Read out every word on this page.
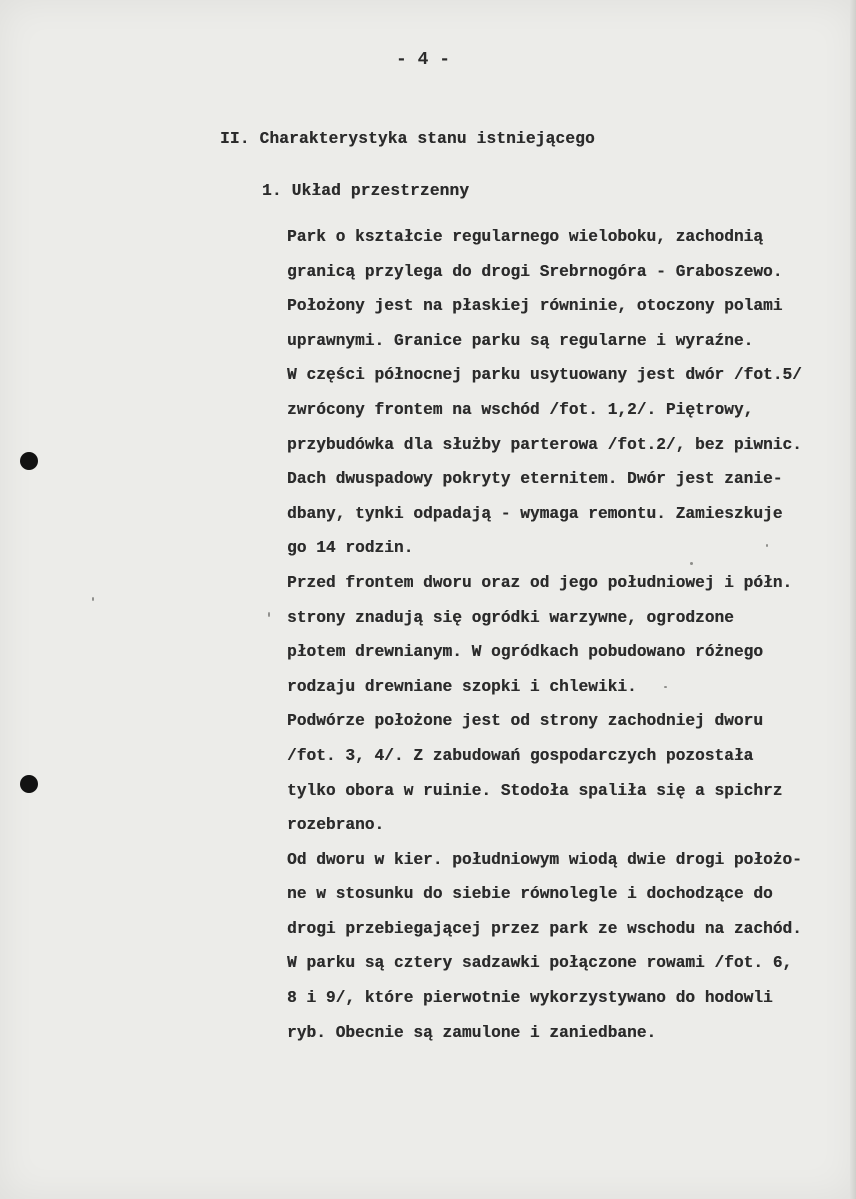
- 4 -
II. Charakterystyka stanu istniejącego
1. Układ przestrzenny
Park o kształcie regularnego wieloboku, zachodnią
granicą przylega do drogi Srebrnogóra - Graboszewo.
Położony jest na płaskiej równinie, otoczony polami
uprawnymi. Granice parku są regularne i wyraźne.
W części północnej parku usytuowany jest dwór /fot.5/
zwrócony frontem na wschód /fot. 1,2/. Piętrowy,
przybudówka dla służby parterowa /fot.2/, bez piwnic.
Dach dwuspadowy pokryty eternitem. Dwór jest zanie-
dbany, tynki odpadają - wymaga remontu. Zamieszkuje
go 14 rodzin.
Przed frontem dworu oraz od jego południowej i półn.
strony znadują się ogródki warzywne, ogrodzone
płotem drewnianym. W ogródkach pobudowano różnego
rodzaju drewniane szopki i chlewiki.
Podwórze położone jest od strony zachodniej dworu
/fot. 3, 4/. Z zabudowań gospodarczych pozostała
tylko obora w ruinie. Stodoła spaliła się a spichrz
rozebrano.
Od dworu w kier. południowym wiodą dwie drogi położo-
ne w stosunku do siebie równolegle i dochodzące do
drogi przebiegającej przez park ze wschodu na zachód.
W parku są cztery sadzawki połączone rowami /fot. 6,
8 i 9/, które pierwotnie wykorzystywano do hodowli
ryb. Obecnie są zamulone i zaniedbane.
